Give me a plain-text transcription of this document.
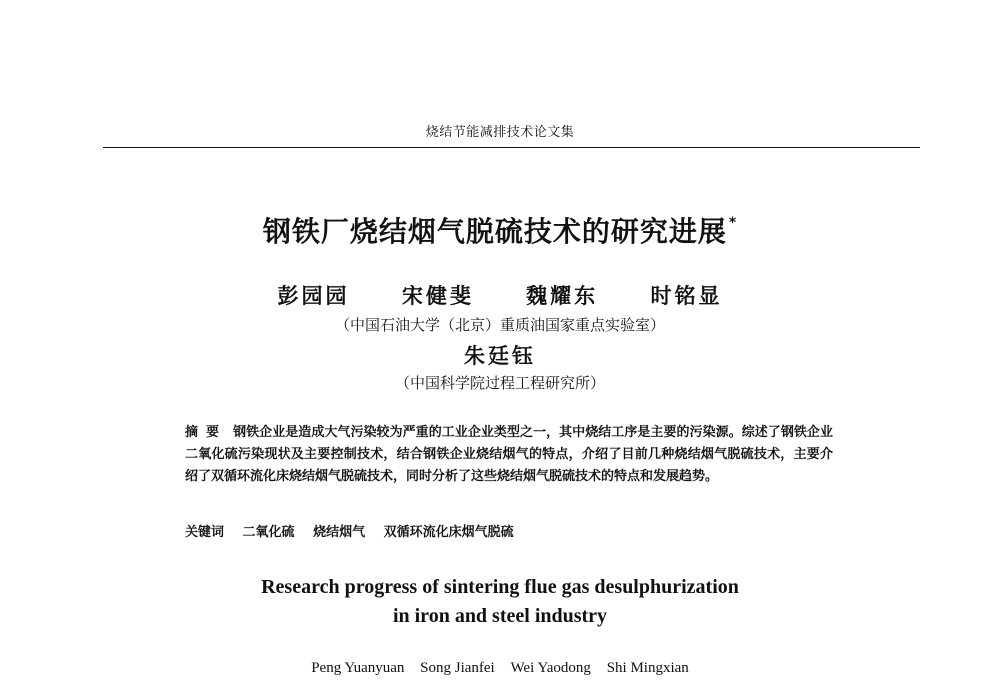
烧结节能减排技术论文集
钢铁厂烧结烟气脱硫技术的研究进展 *
彭园园 宋健斐 魏耀东 时铭显
（中国石油大学（北京）重质油国家重点实验室）
朱廷钰
（中国科学院过程工程研究所）
摘要 钢铁企业是造成大气污染较为严重的工业企业类型之一，其中烧结工序是主要的污染源。综述了钢铁企业二氧化硫污染现状及主要控制技术，结合钢铁企业烧结烟气的特点，介绍了目前几种烧结烟气脱硫技术，主要介绍了双循环流化床烧结烟气脱硫技术，同时分析了这些烧结烟气脱硫技术的特点和发展趋势。
关键词 二氧化硫 烧结烟气 双循环流化床烟气脱硫
Research progress of sintering flue gas desulphurization
in iron and steel industry
Peng Yuanyuan Song Jianfei Wei Yaodong Shi Mingxian
